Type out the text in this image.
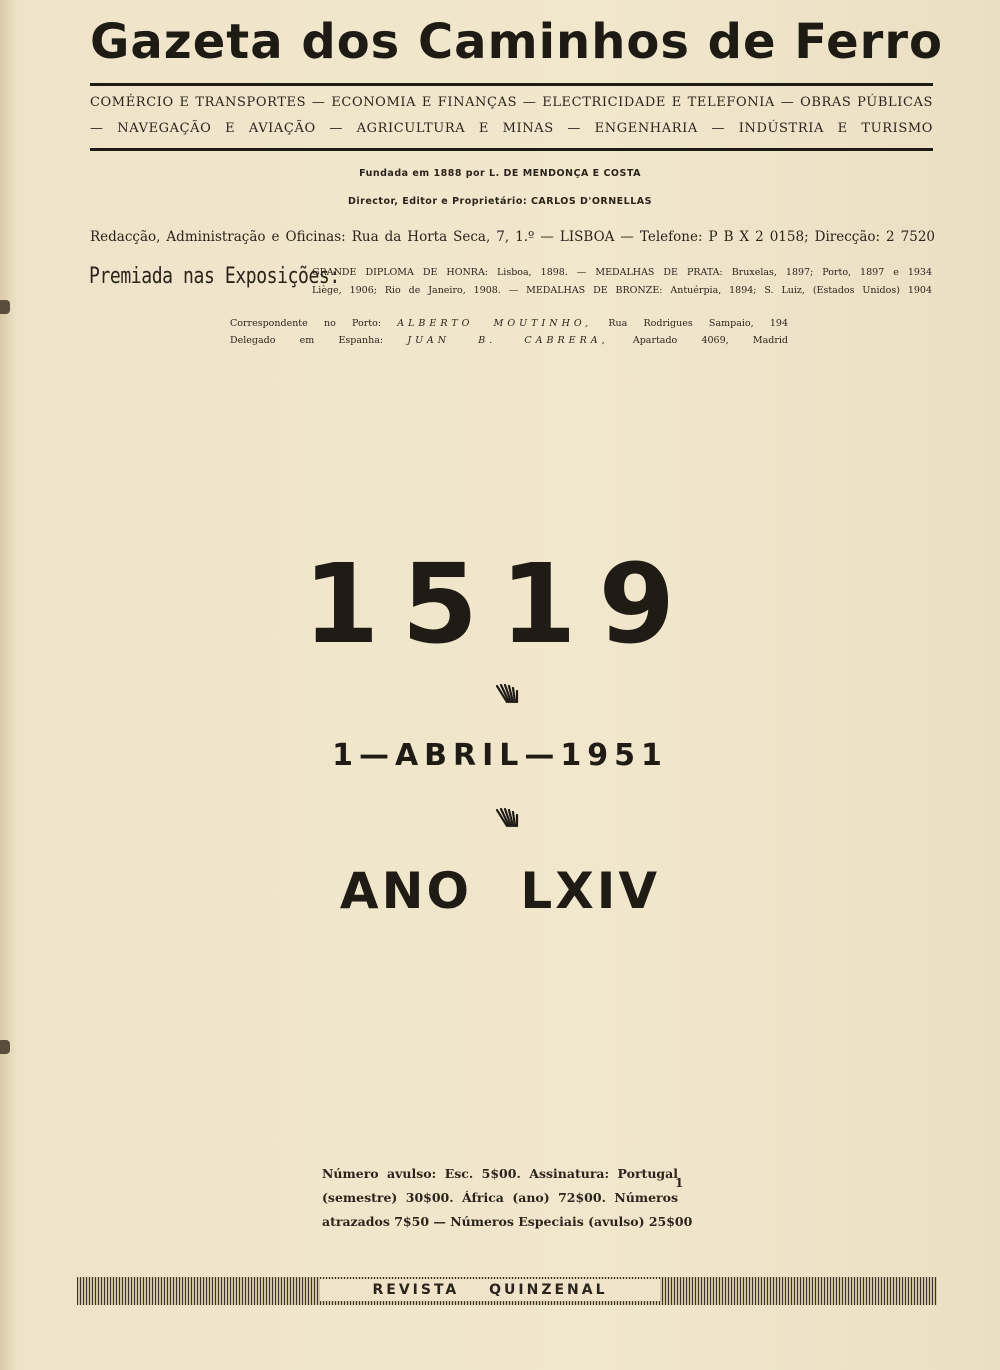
Gazeta dos Caminhos de Ferro
COMÉRCIO E TRANSPORTES — ECONOMIA E FINANÇAS — ELECTRICIDADE E TELEFONIA — OBRAS PÚBLICAS
— NAVEGAÇÃO E AVIAÇÃO — AGRICULTURA E MINAS — ENGENHARIA — INDÚSTRIA E TURISMO
Fundada em 1888 por L. DE MENDONÇA E COSTA
Director, Editor e Proprietário: CARLOS D'ORNELLAS
Redacção, Administração e Oficinas: Rua da Horta Seca, 7, 1.º — LISBOA — Telefone: P B X 2 0158; Direcção: 2 7520
Premiada nas Exposições:
GRANDE DIPLOMA DE HONRA: Lisboa, 1898. — MEDALHAS DE PRATA: Bruxelas, 1897; Porto, 1897 e 1934
Liège, 1906; Rio de Janeiro, 1908. — MEDALHAS DE BRONZE: Antuérpia, 1894; S. Luiz, (Estados Unidos) 1904
Correspondente no Porto: ALBERTO MOUTINHO, Rua Rodrigues Sampaio, 194
Delegado em Espanha:	JUAN B. CABRERA,	Apartado 4069, Madrid
1519
1—ABRIL—1951
ANO LXIV
Número avulso: Esc. 5$00. Assinatura: Portugal
(semestre) 30$00. África (ano) 72$00. Números
atrazados 7$50 — Números Especiais (avulso) 25$00
1
REVISTA QUINZENAL
